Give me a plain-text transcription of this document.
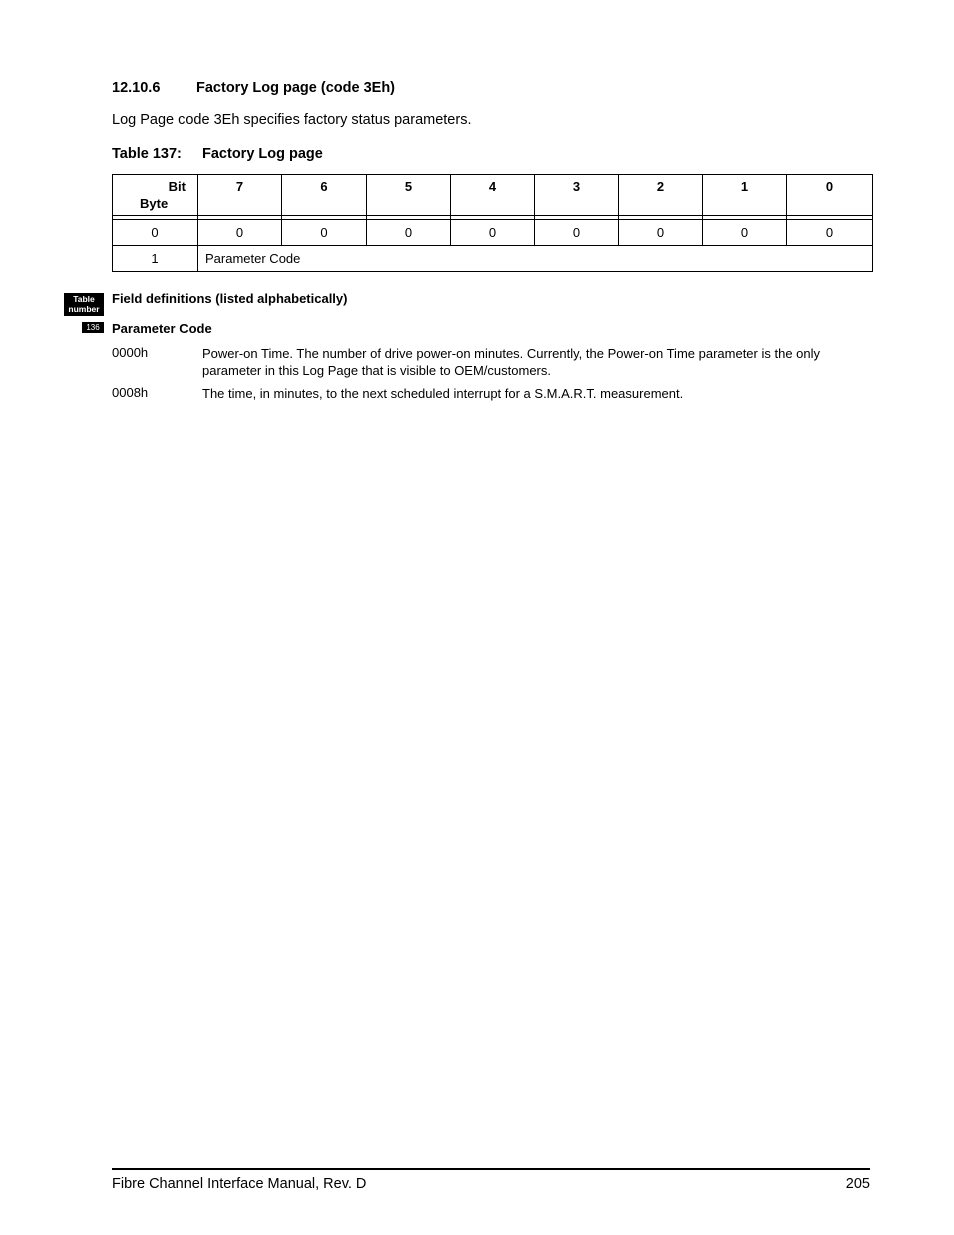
12.10.6 Factory Log page (code 3Eh)
Log Page code 3Eh specifies factory status parameters.
Table 137: Factory Log page
Bit
Byte	7	6	5	4	3	2	1	0

0	0	0	0	0	0	0	0	0
1	Parameter Code							
Table
number
136
Field definitions (listed alphabetically)
Parameter Code
0000h	Power-on Time. The number of drive power-on minutes. Currently, the Power-on Time parameter is the only parameter in this Log Page that is visible to OEM/customers.
0008h	The time, in minutes, to the next scheduled interrupt for a S.M.A.R.T. measurement.
Fibre Channel Interface Manual, Rev. D	205
